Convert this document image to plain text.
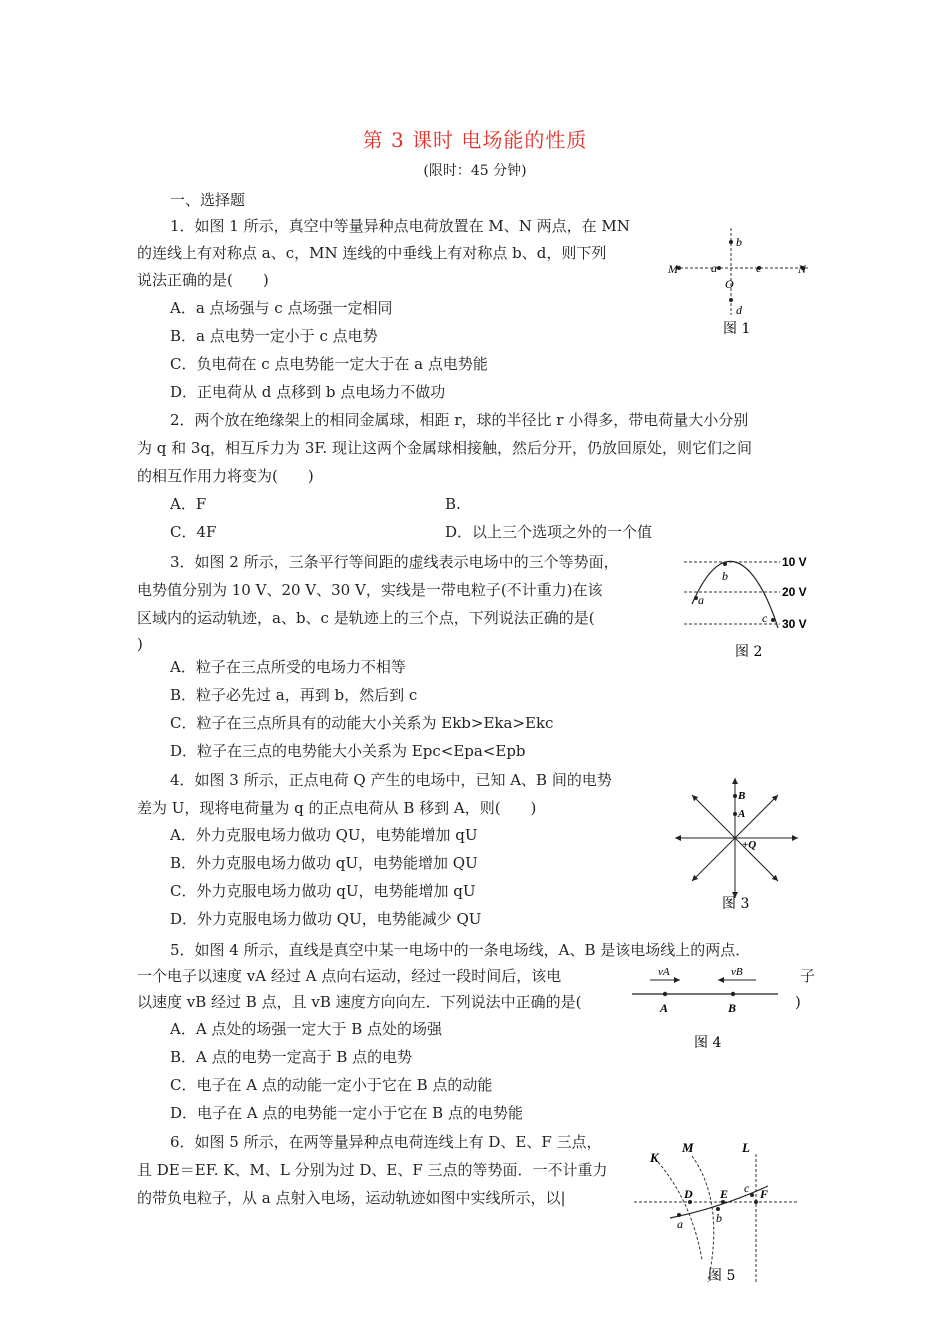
第 3 课时 电场能的性质
(限时：45 分钟)
一、选择题
1．如图 1 所示，真空中等量异种点电荷放置在 M、N 两点，在 MN
的连线上有对称点 a、c，MN 连线的中垂线上有对称点 b、d，则下列
说法正确的是(　　)
A．a 点场强与 c 点场强一定相同
B．a 点电势一定小于 c 点电势
C．负电荷在 c 点电势能一定大于在 a 点电势能
D．正电荷从 d 点移到 b 点电场力不做功
M	a	c	N
b
O
d
图 1
2．两个放在绝缘架上的相同金属球，相距 r，球的半径比 r 小得多，带电荷量大小分别
为 q 和 3q，相互斥力为 3F. 现让这两个金属球相接触，然后分开，仍放回原处，则它们之间
的相互作用力将变为(　　)
A．F	B.
C．4F	D．以上三个选项之外的一个值
3．如图 2 所示，三条平行等间距的虚线表示电场中的三个等势面，
电势值分别为 10 V、20 V、30 V，实线是一带电粒子(不计重力)在该
区域内的运动轨迹，a、b、c 是轨迹上的三个点，下列说法正确的是(
)
A．粒子在三点所受的电场力不相等
B．粒子必先过 a，再到 b，然后到 c
C．粒子在三点所具有的动能大小关系为 Ekb>Eka>Ekc
D．粒子在三点的电势能大小关系为 Epc<Epa<Epb
10 V
20 V
30 V
a
b
c
图 2
4．如图 3 所示，正点电荷 Q 产生的电场中，已知 A、B 间的电势
差为 U，现将电荷量为 q 的正点电荷从 B 移到 A，则(　　)
A．外力克服电场力做功 QU，电势能增加 qU
B．外力克服电场力做功 qU，电势能增加 QU
C．外力克服电场力做功 qU，电势能增加 qU
D．外力克服电场力做功 QU，电势能减少 QU
B
A
+Q
图 3
5．如图 4 所示，直线是真空中某一电场中的一条电场线，A、B 是该电场线上的两点．
一个电子以速度 vA 经过 A 点向右运动，经过一段时间后，该电	子
以速度 vB 经过 B 点，且 vB 速度方向向左．下列说法中正确的是(	)
A．A 点处的场强一定大于 B 点处的场强
B．A 点的电势一定高于 B 点的电势
C．电子在 A 点的动能一定小于它在 B 点的动能
D．电子在 A 点的电势能一定小于它在 B 点的电势能
vA	vB
A	B
图 4
6．如图 5 所示，在两等量异种点电荷连线上有 D、E、F 三点，
且 DE＝EF. K、M、L 分别为过 D、E、F 三点的等势面．一不计重力
的带负电粒子，从 a 点射入电场，运动轨迹如图中实线所示，以|
K
M	L
D E	F
a	b
c
图 5
